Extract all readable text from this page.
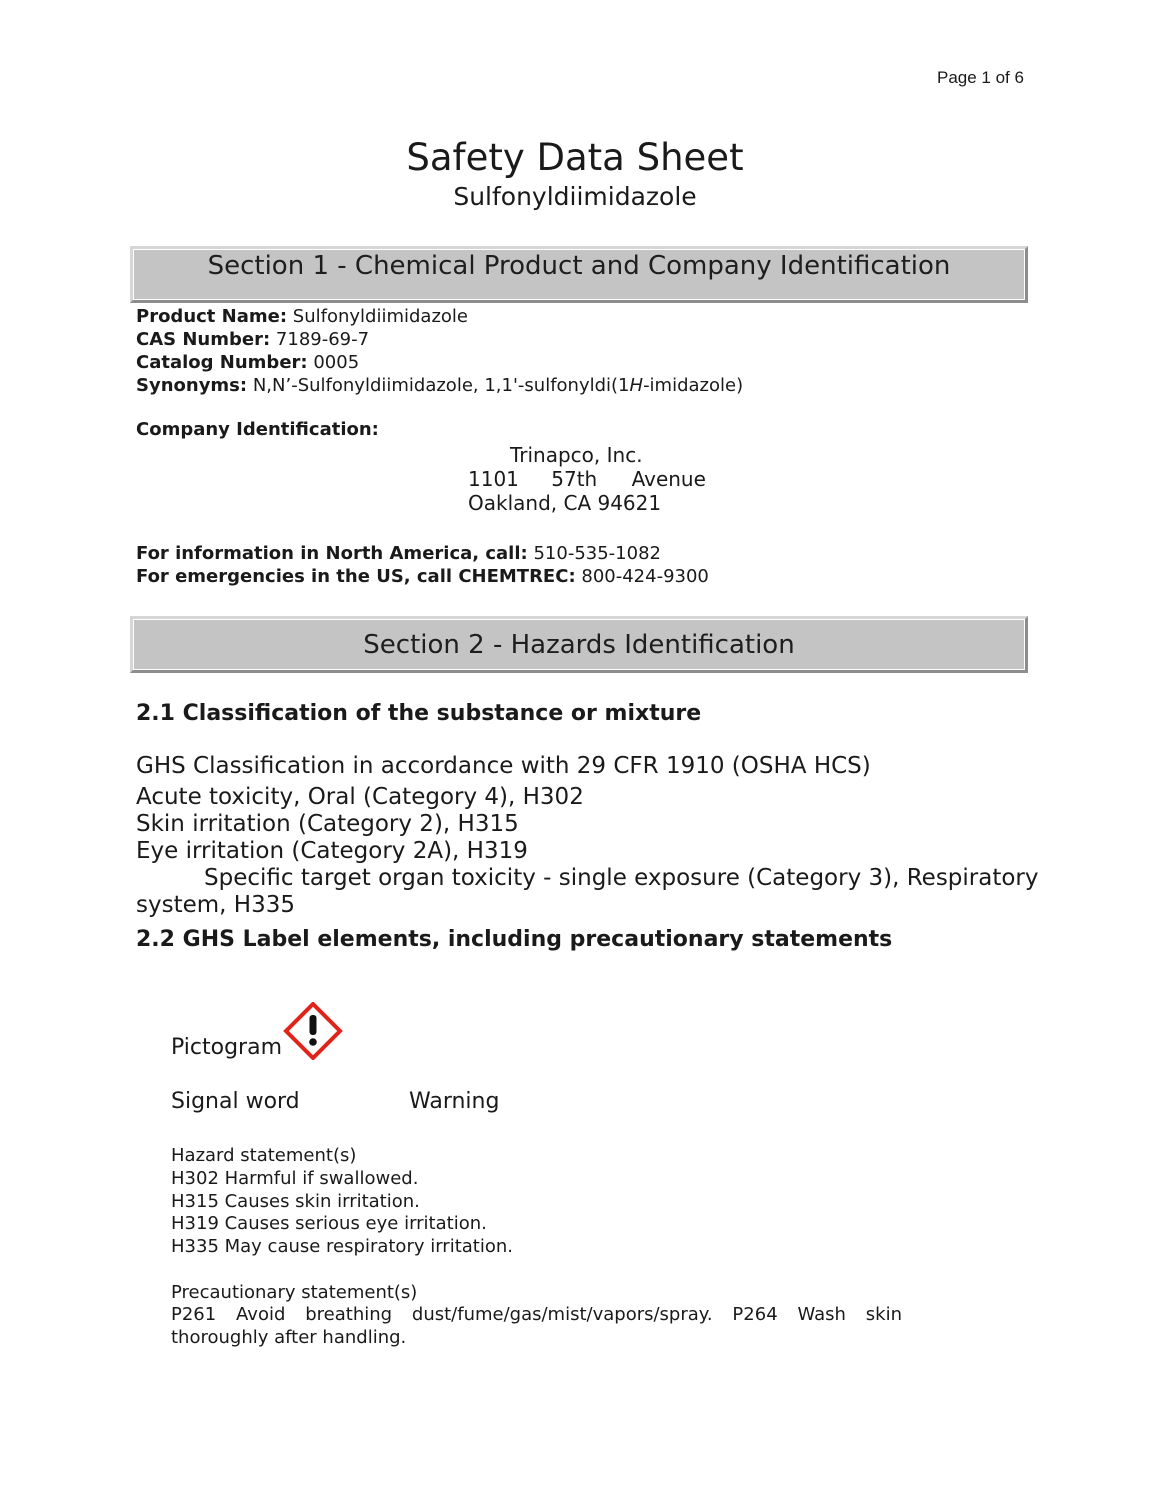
Page 1 of 6
Safety Data Sheet
Sulfonyldiimidazole
Section 1 - Chemical Product and Company Identification
Product Name: Sulfonyldiimidazole
CAS Number: 7189-69-7
Catalog Number: 0005
Synonyms: N,N’-Sulfonyldiimidazole, 1,1'-sulfonyldi(1H-imidazole)
Company Identification:
Trinapco, Inc.
1101 57th Avenue
Oakland, CA 94621
For information in North America, call: 510-535-1082
For emergencies in the US, call CHEMTREC: 800-424-9300
Section 2 - Hazards Identification
2.1 Classification of the substance or mixture
GHS Classification in accordance with 29 CFR 1910 (OSHA HCS)
Acute toxicity, Oral (Category 4), H302
Skin irritation (Category 2), H315
Eye irritation (Category 2A), H319
Specific target organ toxicity - single exposure (Category 3), Respiratory
system, H335
2.2 GHS Label elements, including precautionary statements
Pictogram
Signal word	Warning
Hazard statement(s)
H302 Harmful if swallowed.
H315 Causes skin irritation.
H319 Causes serious eye irritation.
H335 May cause respiratory irritation.
Precautionary statement(s)
P261 Avoid breathing dust/fume/gas/mist/vapors/spray. P264 Wash skin
thoroughly after handling.
